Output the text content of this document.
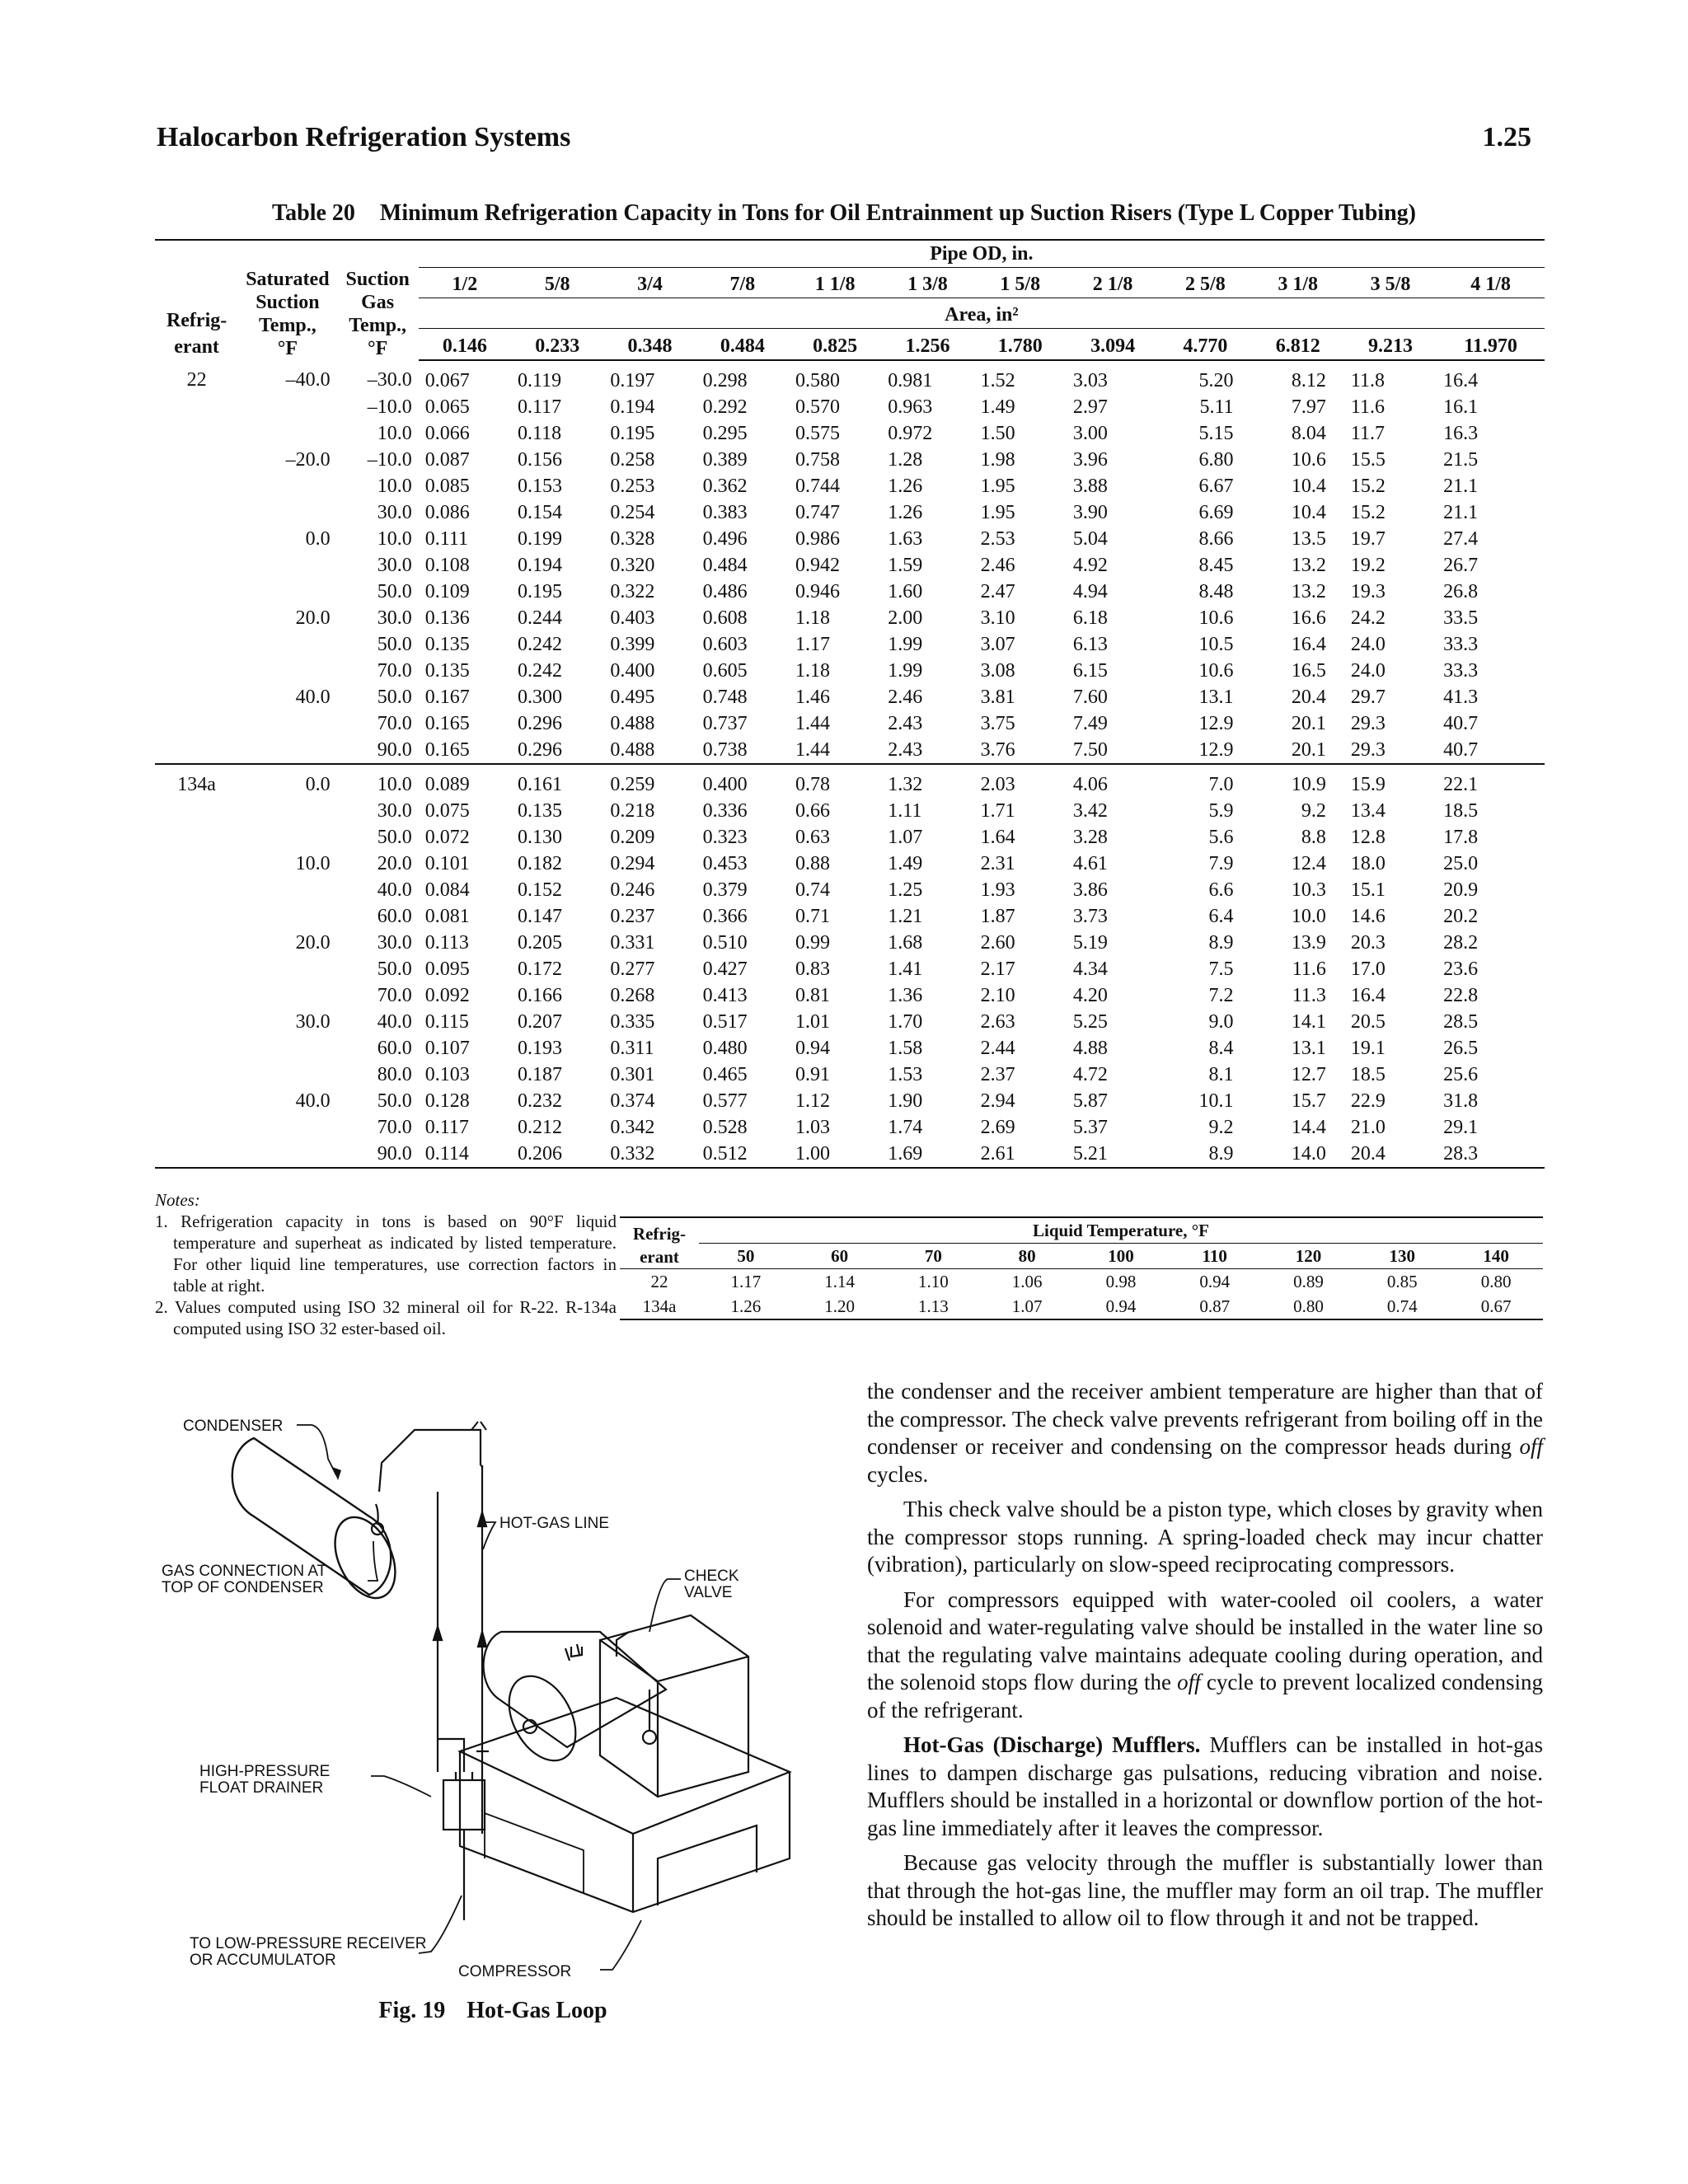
Halocarbon Refrigeration Systems	1.25
Table 20 Minimum Refrigeration Capacity in Tons for Oil Entrainment up Suction Risers (Type L Copper Tubing)
			Pipe OD, in.											
Refrig-
erant	Saturated
Suction
Temp.,
°F	Suction
Gas
Temp.,
°F	1/2	5/8	3/4	7/8	1 1/8	1 3/8	1 5/8	2 1/8	2 5/8	3 1/8	3 5/8	4 1/8
			Area, in²											
			0.146	0.233	0.348	0.484	0.825	1.256	1.780	3.094	4.770	6.812	9.213	11.970
22	–40.0	–30.0	0.067	0.119	0.197	0.298	0.580	0.981	1.52	3.03	5.20	8.12	11.8	16.4
		–10.0	0.065	0.117	0.194	0.292	0.570	0.963	1.49	2.97	5.11	7.97	11.6	16.1
		10.0	0.066	0.118	0.195	0.295	0.575	0.972	1.50	3.00	5.15	8.04	11.7	16.3
	–20.0	–10.0	0.087	0.156	0.258	0.389	0.758	1.28	1.98	3.96	6.80	10.6	15.5	21.5
		10.0	0.085	0.153	0.253	0.362	0.744	1.26	1.95	3.88	6.67	10.4	15.2	21.1
		30.0	0.086	0.154	0.254	0.383	0.747	1.26	1.95	3.90	6.69	10.4	15.2	21.1
	0.0	10.0	0.111	0.199	0.328	0.496	0.986	1.63	2.53	5.04	8.66	13.5	19.7	27.4
		30.0	0.108	0.194	0.320	0.484	0.942	1.59	2.46	4.92	8.45	13.2	19.2	26.7
		50.0	0.109	0.195	0.322	0.486	0.946	1.60	2.47	4.94	8.48	13.2	19.3	26.8
	20.0	30.0	0.136	0.244	0.403	0.608	1.18	2.00	3.10	6.18	10.6	16.6	24.2	33.5
		50.0	0.135	0.242	0.399	0.603	1.17	1.99	3.07	6.13	10.5	16.4	24.0	33.3
		70.0	0.135	0.242	0.400	0.605	1.18	1.99	3.08	6.15	10.6	16.5	24.0	33.3
	40.0	50.0	0.167	0.300	0.495	0.748	1.46	2.46	3.81	7.60	13.1	20.4	29.7	41.3
		70.0	0.165	0.296	0.488	0.737	1.44	2.43	3.75	7.49	12.9	20.1	29.3	40.7
		90.0	0.165	0.296	0.488	0.738	1.44	2.43	3.76	7.50	12.9	20.1	29.3	40.7
134a	0.0	10.0	0.089	0.161	0.259	0.400	0.78	1.32	2.03	4.06	7.0	10.9	15.9	22.1
		30.0	0.075	0.135	0.218	0.336	0.66	1.11	1.71	3.42	5.9	9.2	13.4	18.5
		50.0	0.072	0.130	0.209	0.323	0.63	1.07	1.64	3.28	5.6	8.8	12.8	17.8
	10.0	20.0	0.101	0.182	0.294	0.453	0.88	1.49	2.31	4.61	7.9	12.4	18.0	25.0
		40.0	0.084	0.152	0.246	0.379	0.74	1.25	1.93	3.86	6.6	10.3	15.1	20.9
		60.0	0.081	0.147	0.237	0.366	0.71	1.21	1.87	3.73	6.4	10.0	14.6	20.2
	20.0	30.0	0.113	0.205	0.331	0.510	0.99	1.68	2.60	5.19	8.9	13.9	20.3	28.2
		50.0	0.095	0.172	0.277	0.427	0.83	1.41	2.17	4.34	7.5	11.6	17.0	23.6
		70.0	0.092	0.166	0.268	0.413	0.81	1.36	2.10	4.20	7.2	11.3	16.4	22.8
	30.0	40.0	0.115	0.207	0.335	0.517	1.01	1.70	2.63	5.25	9.0	14.1	20.5	28.5
		60.0	0.107	0.193	0.311	0.480	0.94	1.58	2.44	4.88	8.4	13.1	19.1	26.5
		80.0	0.103	0.187	0.301	0.465	0.91	1.53	2.37	4.72	8.1	12.7	18.5	25.6
	40.0	50.0	0.128	0.232	0.374	0.577	1.12	1.90	2.94	5.87	10.1	15.7	22.9	31.8
		70.0	0.117	0.212	0.342	0.528	1.03	1.74	2.69	5.37	9.2	14.4	21.0	29.1
		90.0	0.114	0.206	0.332	0.512	1.00	1.69	2.61	5.21	8.9	14.0	20.4	28.3
Notes:
1. Refrigeration capacity in tons is based on 90°F liquid temperature and superheat as indicated by listed temperature. For other liquid line temperatures, use correction factors in table at right.
2. Values computed using ISO 32 mineral oil for R-22. R-134a computed using ISO 32 ester-based oil.
Refrig-
erant	Liquid Temperature, °F								
	50	60	70	80	100	110	120	130	140
22	1.17	1.14	1.10	1.06	0.98	0.94	0.89	0.85	0.80
134a	1.26	1.20	1.13	1.07	0.94	0.87	0.80	0.74	0.67
CONDENSER
GAS CONNECTION AT
TOP OF CONDENSER
HOT-GAS LINE
CHECK
VALVE
HIGH-PRESSURE
FLOAT DRAINER
TO LOW-PRESSURE RECEIVER
OR ACCUMULATOR
COMPRESSOR
Fig. 19 Hot-Gas Loop

the condenser and the receiver ambient temperature are higher than that of the compressor. The check valve prevents refrigerant from boiling off in the condenser or receiver and condensing on the compressor heads during off cycles.

This check valve should be a piston type, which closes by gravity when the compressor stops running. A spring-loaded check may incur chatter (vibration), particularly on slow-speed reciprocating compressors.

For compressors equipped with water-cooled oil coolers, a water solenoid and water-regulating valve should be installed in the water line so that the regulating valve maintains adequate cooling during operation, and the solenoid stops flow during the off cycle to prevent localized condensing of the refrigerant.

Hot-Gas (Discharge) Mufflers. Mufflers can be installed in hot-gas lines to dampen discharge gas pulsations, reducing vibration and noise. Mufflers should be installed in a horizontal or downflow portion of the hot-gas line immediately after it leaves the compressor.

Because gas velocity through the muffler is substantially lower than that through the hot-gas line, the muffler may form an oil trap. The muffler should be installed to allow oil to flow through it and not be trapped.
